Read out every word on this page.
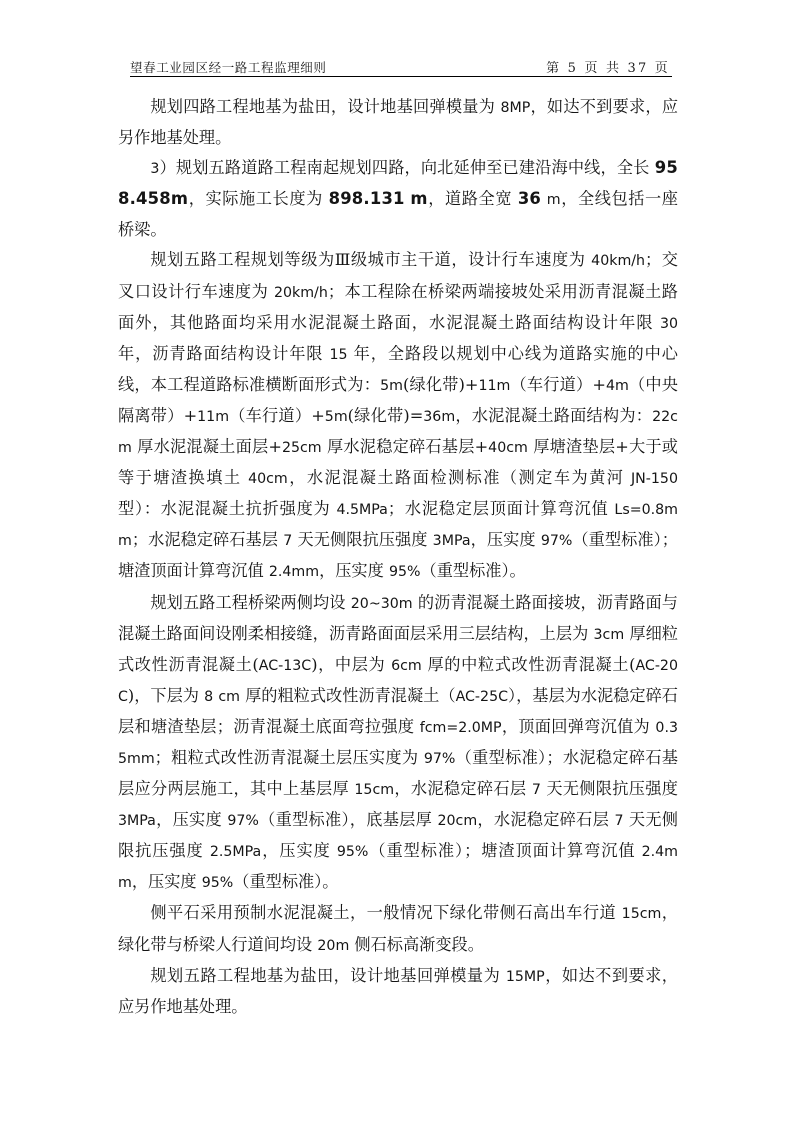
望春工业园区经一路工程监理细则	第 5 页 共 37 页

规划四路工程地基为盐田，设计地基回弹模量为 8MP，如达不到要求，应另作地基处理。

3）规划五路道路工程南起规划四路，向北延伸至已建沿海中线，全长 958.458m，实际施工长度为 898.131 m，道路全宽 36 m，全线包括一座桥梁。

规划五路工程规划等级为Ⅲ级城市主干道，设计行车速度为 40km/h；交叉口设计行车速度为 20km/h；本工程除在桥梁两端接坡处采用沥青混凝土路面外，其他路面均采用水泥混凝土路面，水泥混凝土路面结构设计年限 30 年，沥青路面结构设计年限 15 年，全路段以规划中心线为道路实施的中心线，本工程道路标准横断面形式为：5m(绿化带)+11m（车行道）+4m（中央隔离带）+11m（车行道）+5m(绿化带)=36m，水泥混凝土路面结构为：22cm 厚水泥混凝土面层+25cm 厚水泥稳定碎石基层+40cm 厚塘渣垫层+大于或等于塘渣换填土 40cm，水泥混凝土路面检测标准（测定车为黄河 JN-150 型）：水泥混凝土抗折强度为 4.5MPa；水泥稳定层顶面计算弯沉值 Ls=0.8mm；水泥稳定碎石基层 7 天无侧限抗压强度 3MPa，压实度 97%（重型标准）；塘渣顶面计算弯沉值 2.4mm，压实度 95%（重型标准）。

规划五路工程桥梁两侧均设 20~30m 的沥青混凝土路面接坡，沥青路面与混凝土路面间设刚柔相接缝，沥青路面面层采用三层结构，上层为 3cm 厚细粒式改性沥青混凝土(AC-13C)，中层为 6cm 厚的中粒式改性沥青混凝土(AC-20C)，下层为 8 cm 厚的粗粒式改性沥青混凝土（AC-25C），基层为水泥稳定碎石层和塘渣垫层；沥青混凝土底面弯拉强度 fcm=2.0MP，顶面回弹弯沉值为 0.35mm；粗粒式改性沥青混凝土层压实度为 97%（重型标准）；水泥稳定碎石基层应分两层施工，其中上基层厚 15cm，水泥稳定碎石层 7 天无侧限抗压强度 3MPa，压实度 97%（重型标准），底基层厚 20cm，水泥稳定碎石层 7 天无侧限抗压强度 2.5MPa，压实度 95%（重型标准）；塘渣顶面计算弯沉值 2.4mm，压实度 95%（重型标准）。

侧平石采用预制水泥混凝土，一般情况下绿化带侧石高出车行道 15cm，绿化带与桥梁人行道间均设 20m 侧石标高渐变段。

规划五路工程地基为盐田，设计地基回弹模量为 15MP，如达不到要求，应另作地基处理。
